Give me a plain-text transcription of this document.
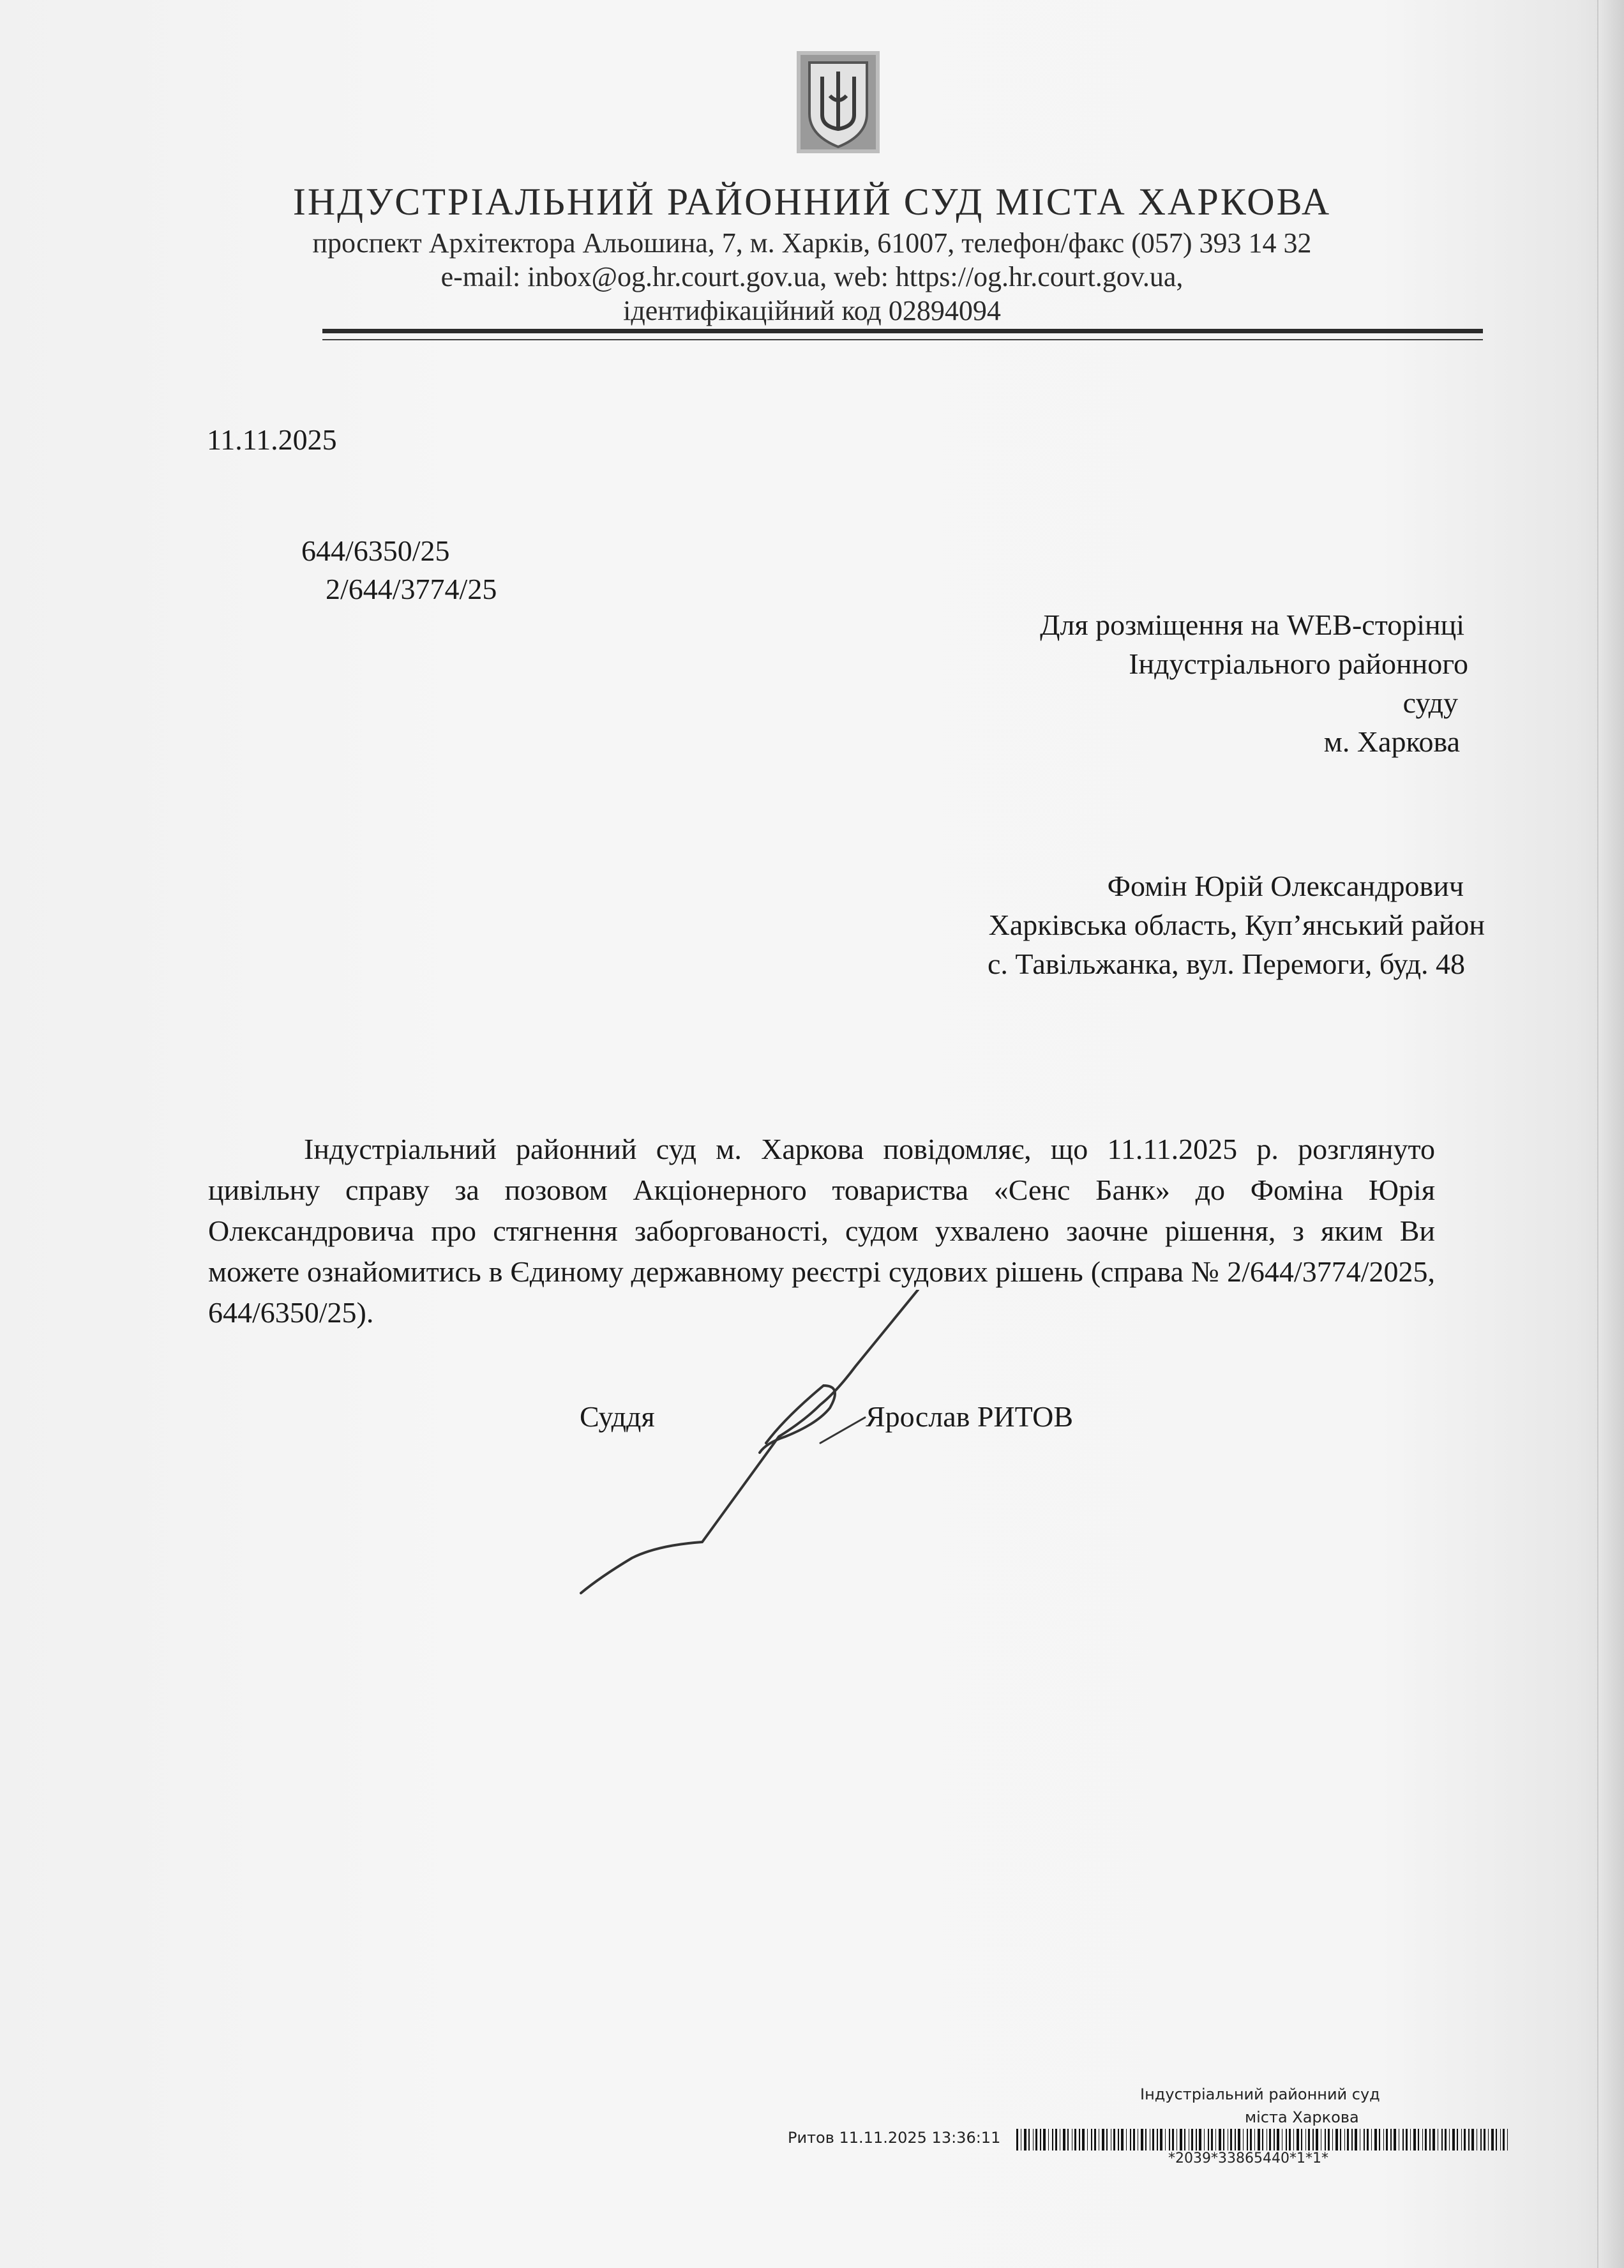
ІНДУСТРІАЛЬНИЙ РАЙОННИЙ СУД МІСТА ХАРКОВА
проспект Архітектора Альошина, 7, м. Харків, 61007, телефон/факс (057) 393 14 32
e-mail: inbox@og.hr.court.gov.ua, web: https://og.hr.court.gov.ua,
ідентифікаційний код 02894094
11.11.2025
644/6350/25
2/644/3774/25
Для розміщення на WEB-сторінці
Індустріального районного
суду
м. Харкова
Фомін Юрій Олександрович
Харківська область, Куп’янський район
с. Тавільжанка, вул. Перемоги, буд. 48

Індустріальний районний суд м. Харкова повідомляє, що 11.11.2025 р. розглянуто цивільну справу за позовом Акціонерного товариства «Сенс Банк» до Фоміна Юрія Олександровича про стягнення заборгованості, судом ухвалено заочне рішення, з яким Ви можете ознайомитись в Єдиному державному реєстрі судових рішень (справа № 2/644/3774/2025, 644/6350/25).

Суддя	Ярослав РИТОВ
Індустріальний районний суд
міста Харкова
Ритов 11.11.2025 13:36:11
*2039*33865440*1*1*
